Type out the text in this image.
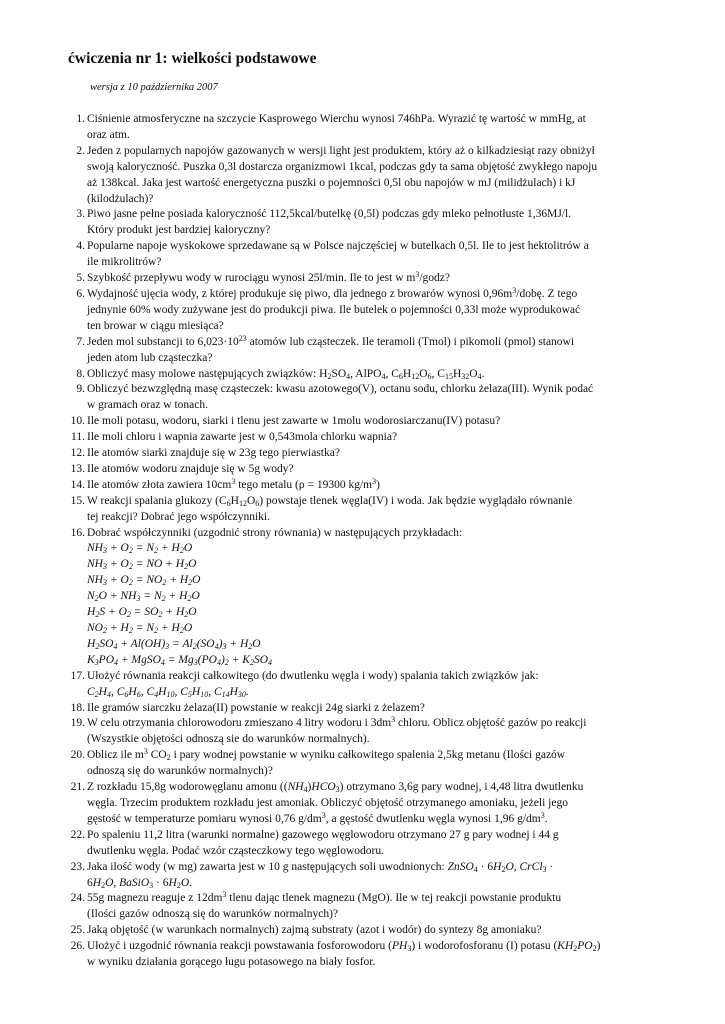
ćwiczenia nr 1: wielkości podstawowe
wersja z 10 października 2007
1. Ciśnienie atmosferyczne na szczycie Kasprowego Wierchu wynosi 746hPa. Wyrazić tę wartość w mmHg, at
oraz atm.
2. Jeden z popularnych napojów gazowanych w wersji light jest produktem, który aż o kilkadziesiąt razy obniżył
swoją kaloryczność. Puszka 0,3l dostarcza organizmowi 1kcal, podczas gdy ta sama objętość zwykłego napoju
aż 138kcal. Jaka jest wartość energetyczna puszki o pojemności 0,5l obu napojów w mJ (milidżulach) i kJ
(kilodżulach)?
3. Piwo jasne pełne posiada kaloryczność 112,5kcal/butelkę (0,5l) podczas gdy mleko pełnotłuste 1,36MJ/l.
Który produkt jest bardziej kaloryczny?
4. Popularne napoje wyskokowe sprzedawane są w Polsce najczęściej w butelkach 0,5l. Ile to jest hektolitrów a
ile mikrolitrów?
5. Szybkość przepływu wody w rurociągu wynosi 25l/min. Ile to jest w $m^3$/godz?
6. Wydajność ujęcia wody, z której produkuje się piwo, dla jednego z browarów wynosi $0,96m^3$/dobę. Z tego
jednynie 60% wody zużywane jest do produkcji piwa. Ile butelek o pojemności 0,33l może wyprodukować
ten browar w ciągu miesiąca?
7. Jeden mol substancji to $6,023\cdot 10^{23}$ atomów lub cząsteczek. Ile teramoli (Tmol) i pikomoli (pmol) stanowi
jeden atom lub cząsteczka?
8. Obliczyć masy molowe następujących związków: $H_2SO_4$, AlPO$_4$, $C_6H_{12}O_6$, $C_{15}H_{32}O_4$.
9. Obliczyć bezwzględną masę cząsteczek: kwasu azotowego(V), octanu sodu, chlorku żelaza(III). Wynik podać
w gramach oraz w tonach.
10. Ile moli potasu, wodoru, siarki i tlenu jest zawarte w 1molu wodorosiarczanu(IV) potasu?
11. Ile moli chloru i wapnia zawarte jest w 0,543mola chlorku wapnia?
12. Ile atomów siarki znajduje się w 23g tego pierwiastka?
13. Ile atomów wodoru znajduje się w 5g wody?
14. Ile atomów złota zawiera $10cm^3$ tego metalu (ρ = 19300 $kg/m^3$)
15. W reakcji spalania glukozy $(C_6H_{12}O_6)$ powstaje tlenek węgla(IV) i woda. Jak będzie wyglądało równanie
tej reakcji? Dobrać jego współczynniki.
16. Dobrać współczynniki (uzgodnić strony równania) w następujących przykładach:
$NH_3 + O_2 = N_2 + H_2O$
$NH_3 + O_2$ = NO + $H_2O$
$NH_3 + O_2 = NO_2 + H_2O$
$N_2O + NH_3 = N_2 + H_2O$
$H_2S + O_2 = SO_2 + H_2O$
$NO_2 + H_2 = N_2 + H_2O$
$H_2SO_4 + Al(OH)_3 = Al_2(SO_4)_3 + H_2O$
$K_3PO_4$ + MgSO$_4$ = $Mg_3(PO_4)_2 + K_2SO_4$
17. Ułożyć równania reakcji całkowitego (do dwutlenku węgla i wody) spalania takich związków jak:
$C_2H_4$, $C_6H_6$, $C_4H_{10}$, $C_5H_{10}$, $C_{14}H_{30}$.
18. Ile gramów siarczku żelaza(II) powstanie w reakcji 24g siarki z żelazem?
19. W celu otrzymania chlorowodoru zmieszano 4 litry wodoru i $3dm^3$ chloru. Oblicz objętość gazów po reakcji
(Wszystkie objętości odnoszą sie do warunków normalnych).
20. Oblicz ile $m^3$ $CO_2$ i pary wodnej powstanie w wyniku całkowitego spalenia 2,5kg metanu (Ilości gazów
odnoszą się do warunków normalnych)?
21. Z rozkładu 15,8g wodorowęglanu amonu $((NH_4)HCO_3)$ otrzymano 3,6g pary wodnej, i 4,48 litra dwutlenku
węgla. Trzecim produktem rozkładu jest amoniak. Obliczyć objętość otrzymanego amoniaku, jeżeli jego
gęstość w temperaturze pomiaru wynosi 0,76 $g/dm^3$, a gęstość dwutlenku węgla wynosi 1,96 $g/dm^3$.
22. Po spaleniu 11,2 litra (warunki normalne) gazowego węglowodoru otrzymano 27 g pary wodnej i 44 g
dwutlenku węgla. Podać wzór cząsteczkowy tego węglowodoru.
23. Jaka ilość wody (w mg) zawarta jest w 10 g następujących soli uwodnionych: ZnSO$_4$ · $6H_2O$, CrCl$_3$ ·
$6H_2O$, BaSiO$_3$ · $6H_2O$.
24. 55g magnezu reaguje z $12dm^3$ tlenu dając tlenek magnezu (MgO). Ile w tej reakcji powstanie produktu
(Ilości gazów odnoszą się do warunków normalnych)?
25. Jaką objętość (w warunkach normalnych) zajmą substraty (azot i wodór) do syntezy 8g amoniaku?
26. Ułożyć i uzgodnić równania reakcji powstawania fosforowodoru $(PH_3)$ i wodorofosforanu (I) potasu $(KH_2PO_2)$
w wyniku działania gorącego ługu potasowego na biały fosfor.
